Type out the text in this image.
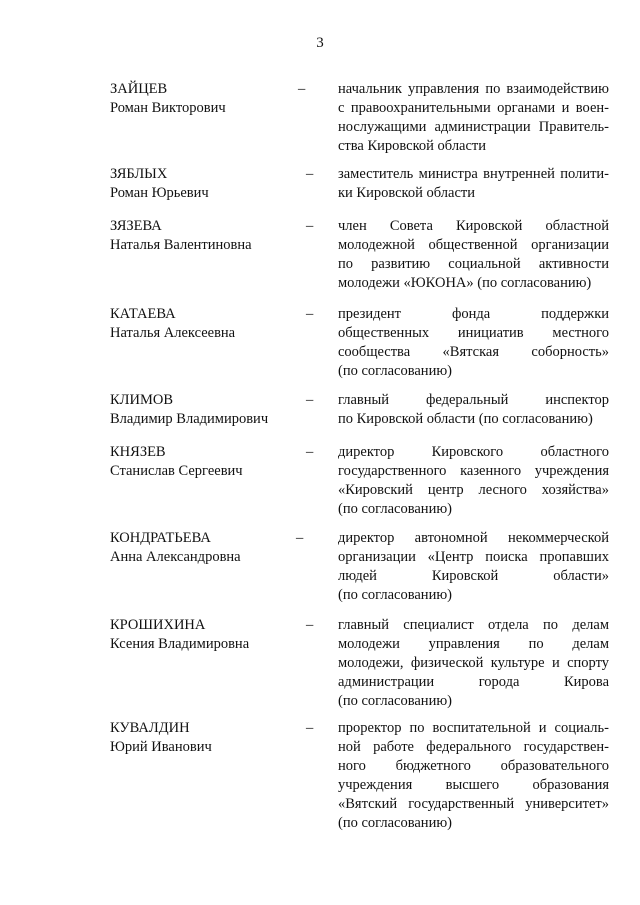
3
ЗАЙЦЕВ
Роман Викторович
– начальник управления по взаимодействию
с правоохранительными органами и воен-
нослужащими администрации Правитель-
ства Кировской области
ЗЯБЛЫХ
Роман Юрьевич
– заместитель министра внутренней полити-
ки Кировской области
ЗЯЗЕВА
Наталья Валентиновна
– член Совета Кировской областной
молодежной общественной организации
по развитию социальной активности
молодежи «ЮКОНА» (по согласованию)
КАТАЕВА
Наталья Алексеевна
– президент фонда поддержки
общественных инициатив местного
сообщества «Вятская соборность»
(по согласованию)
КЛИМОВ
Владимир Владимирович
– главный федеральный инспектор
по Кировской области (по согласованию)
КНЯЗЕВ
Станислав Сергеевич
– директор Кировского областного
государственного казенного учреждения
«Кировский центр лесного хозяйства»
(по согласованию)
КОНДРАТЬЕВА
Анна Александровна
– директор автономной некоммерческой
организации «Центр поиска пропавших
людей Кировской области»
(по согласованию)
КРОШИХИНА
Ксения Владимировна
– главный специалист отдела по делам
молодежи управления по делам
молодежи, физической культуре и спорту
администрации города Кирова
(по согласованию)
КУВАЛДИН
Юрий Иванович
– проректор по воспитательной и социаль-
ной работе федерального государствен-
ного бюджетного образовательного
учреждения высшего образования
«Вятский государственный университет»
(по согласованию)
